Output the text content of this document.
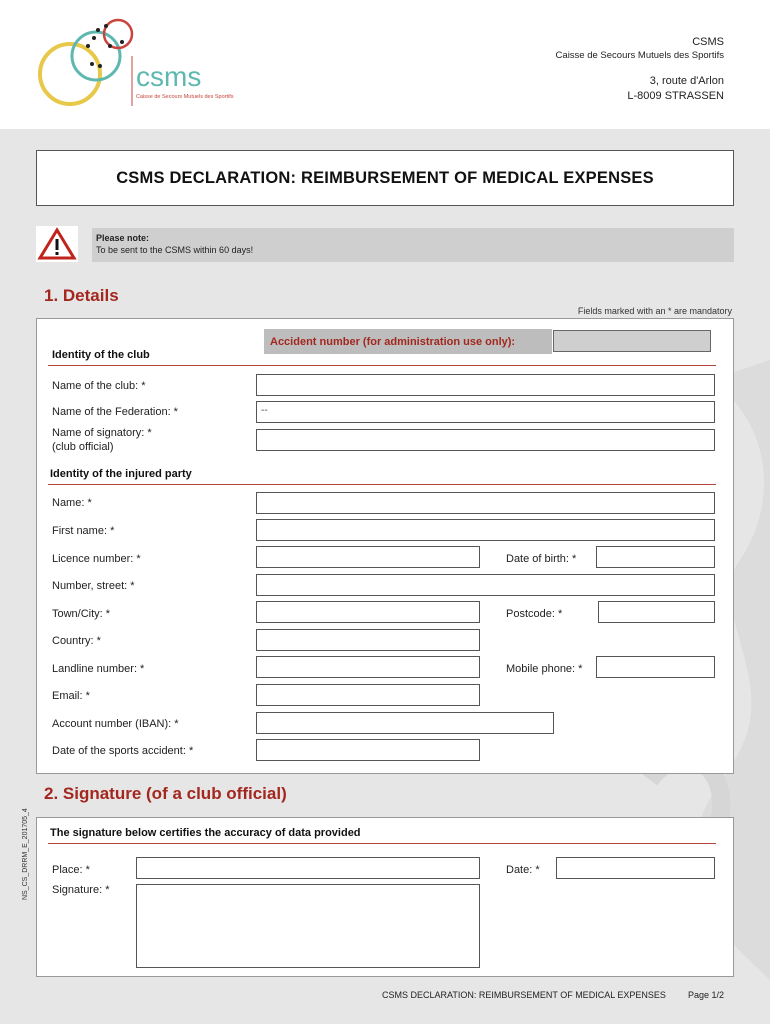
csms
Caisse de Secours Mutuels des Sportifs
CSMS
Caisse de Secours Mutuels des Sportifs
3, route d'Arlon
L-8009 STRASSEN
CSMS DECLARATION: REIMBURSEMENT OF MEDICAL EXPENSES
Please note:
To be sent to the CSMS within 60 days!
1. Details
Fields marked with an * are mandatory
Accident number (for administration use only):
Identity of the club
Name of the club: *
Name of the Federation: *	--
Name of signatory: *
(club official)
Identity of the injured party
Name: *
First name: *
Licence number: *	Date of birth: *
Number, street: *
Town/City: *	Postcode: *
Country: *
Landline number: *	Mobile phone: *
Email: *
Account number (IBAN): *
Date of the sports accident: *
2. Signature (of a club official)
The signature below certifies the accuracy of data provided
Place: *	Date: *
Signature: *
NS_CS_DRRM_E_201705_4
CSMS DECLARATION: REIMBURSEMENT OF MEDICAL EXPENSES Page 1/2
